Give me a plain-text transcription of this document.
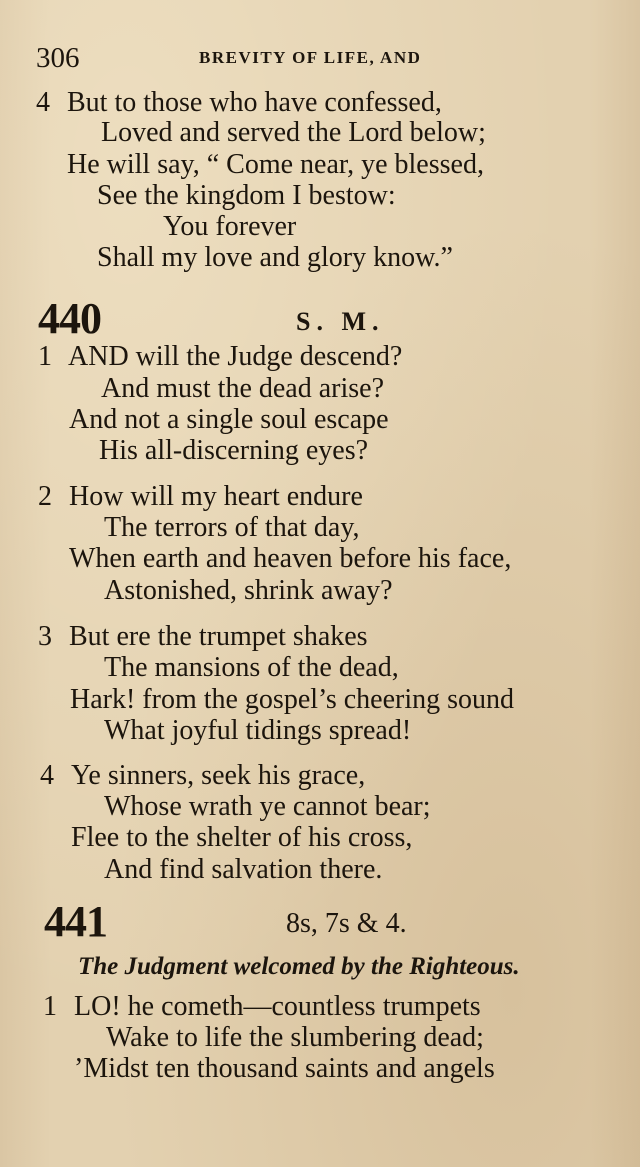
306	BREVITY OF LIFE, AND
4 But to those who have confessed,
Loved and served the Lord below;
He will say, “ Come near, ye blessed,
See the kingdom I bestow:
You forever
Shall my love and glory know.”
440	S. M.
1 AND will the Judge descend?
And must the dead arise?
And not a single soul escape
His all-discerning eyes?
2 How will my heart endure
The terrors of that day,
When earth and heaven before his face,
Astonished, shrink away?
3 But ere the trumpet shakes
The mansions of the dead,
Hark! from the gospel’s cheering sound
What joyful tidings spread!
4 Ye sinners, seek his grace,
Whose wrath ye cannot bear;
Flee to the shelter of his cross,
And find salvation there.
441	8s, 7s & 4.
The Judgment welcomed by the Righteous.
1 LO! he cometh—countless trumpets
Wake to life the slumbering dead;
’Midst ten thousand saints and angels
